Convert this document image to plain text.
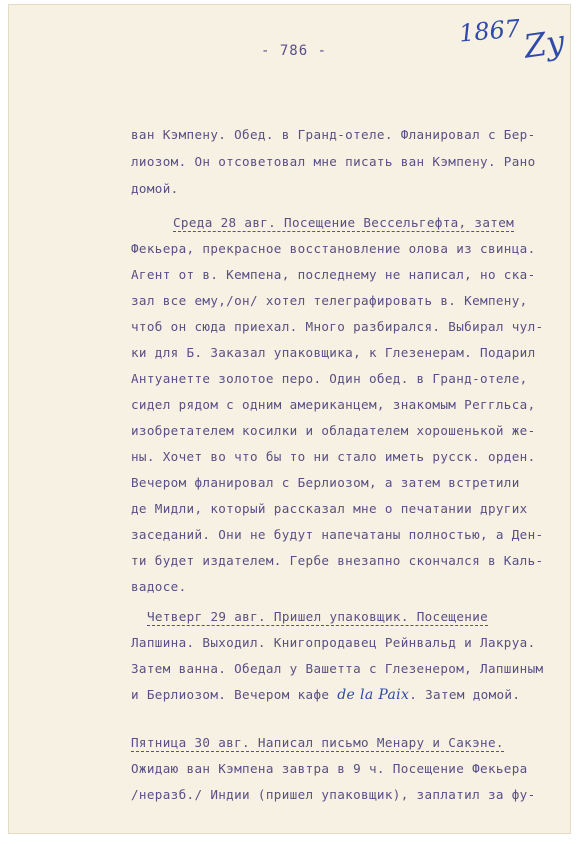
- 786 -
1867 Zy
ван Кэмпену. Обед. в Гранд-отеле. Фланировал с Бер-
лиозом. Он отсоветовал мне писать ван Кэмпену. Рано
домой.
Среда 28 авг. Посещение Вессельгефта, затем
Фекьера, прекрасное восстановление олова из свинца.
Агент от в. Кемпена, последнему не написал, но ска-
зал все ему,/он/ хотел телеграфировать в. Кемпену,
чтоб он сюда приехал. Много разбирался. Выбирал чул-
ки для Б. Заказал упаковщика, к Глезенерам. Подарил
Антуанетте золотое перо. Один обед. в Гранд-отеле,
сидел рядом с одним американцем, знакомым Реггльса,
изобретателем косилки и обладателем хорошенькой же-
ны. Хочет во что бы то ни стало иметь русск. орден.
Вечером фланировал с Берлиозом, а затем встретили
де Мидли, который рассказал мне о печатании других
заседаний. Они не будут напечатаны полностью, а Ден-
ти будет издателем. Гербе внезапно скончался в Каль-
вадосе.
Четверг 29 авг. Пришел упаковщик. Посещение
Лапшина. Выходил. Книгопродавец Рейнвальд и Лакруа.
Затем ванна. Обедал у Вашетта с Глезенером, Лапшиным
и Берлиозом. Вечером кафе de la Paix. Затем домой.
Пятница 30 авг. Написал письмо Менару и Сакэне.
Ожидаю ван Кэмпена завтра в 9 ч. Посещение Фекьера
/неразб./ Индии (пришел упаковщик), заплатил за фу-
